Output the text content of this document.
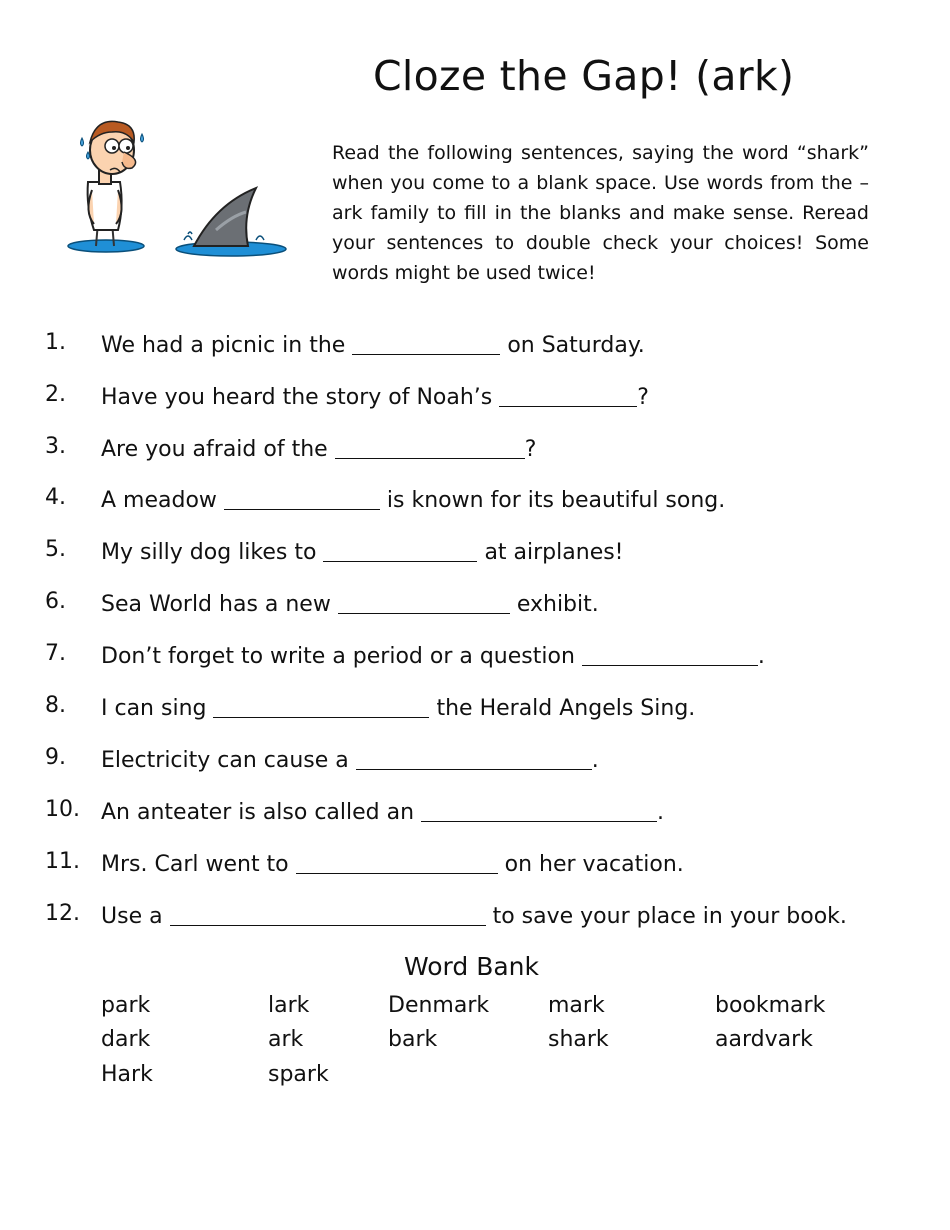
Cloze the Gap! (ark)

Read the following sentences, saying the word “shark” when you come to a blank space. Use words from the –ark family to fill in the blanks and make sense. Reread your sentences to double check your choices! Some words might be used twice!

1. We had a picnic in the	on Saturday.
2. Have you heard the story of Noah’s	?
3. Are you afraid of the	?
4. A meadow	is known for its beautiful song.
5. My silly dog likes to	at airplanes!
6. Sea World has a new	exhibit.
7. Don’t forget to write a period or a question	.
8. I can sing	the Herald Angels Sing.
9. Electricity can cause a	.
10. An anteater is also called an	.
11. Mrs. Carl went to	on her vacation.
12. Use a	to save your place in your book.
Word Bank
park	lark	Denmark	mark	bookmark
dark	ark	bark	shark	aardvark
Hark	spark
